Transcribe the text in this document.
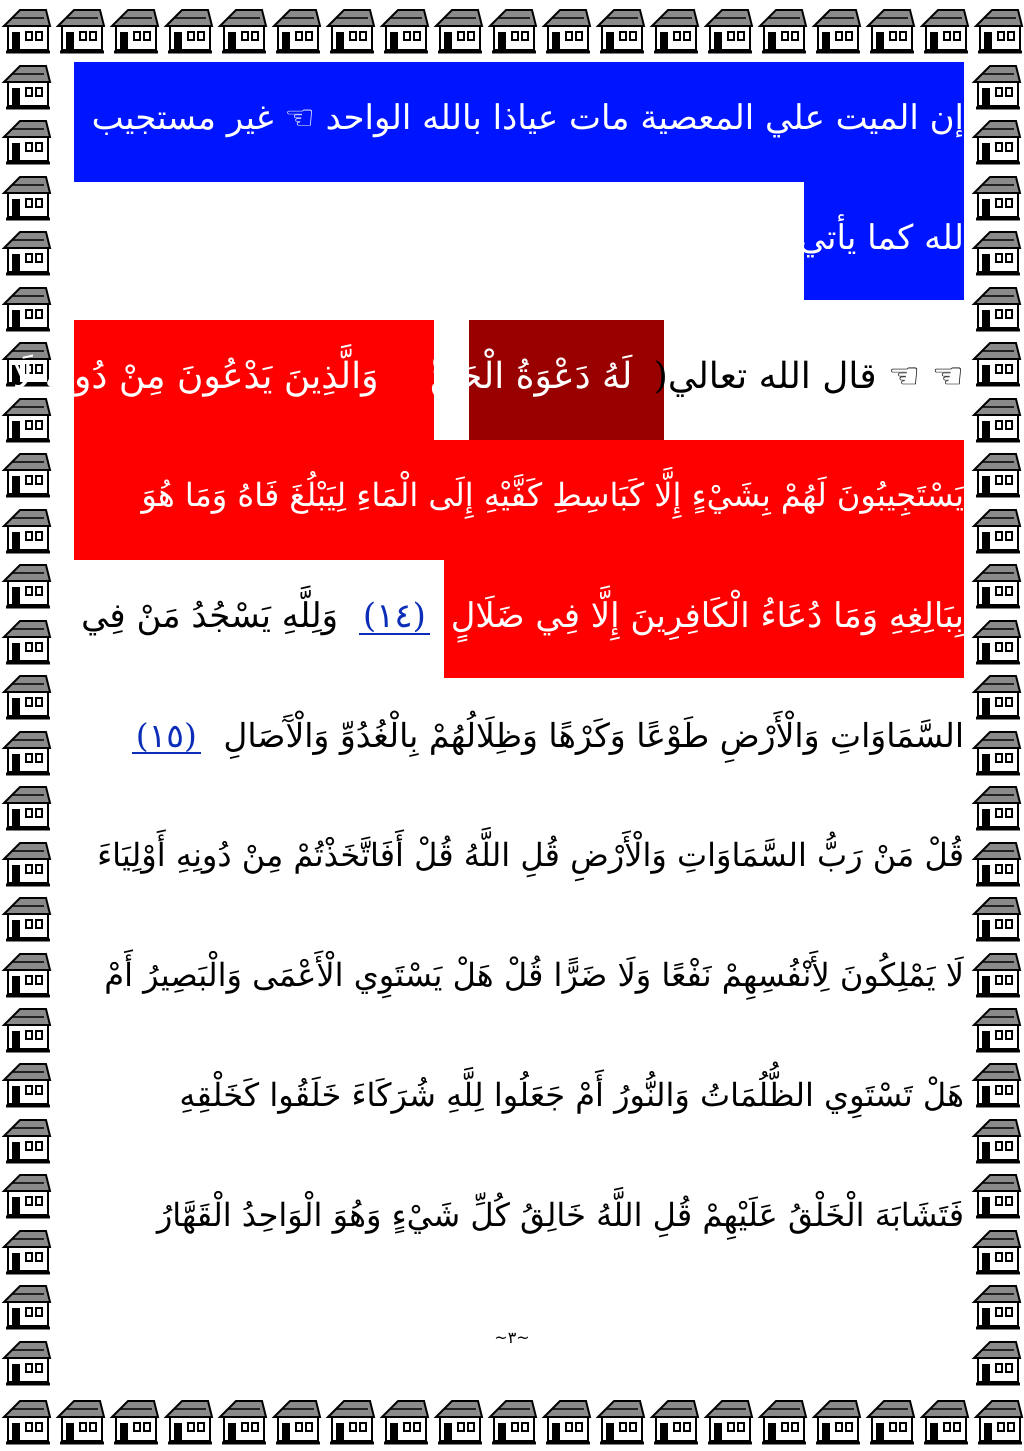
إن الميت علي المعصية مات عياذا بالله الواحد ☜ غير مستجيب
لله كما يأتي
☜ ☜ قال الله تعالي( لَهُ دَعْوَةُ الْحَقِّ وَالَّذِينَ يَدْعُونَ مِنْ دُونِهِ لَا
يَسْتَجِيبُونَ لَهُمْ بِشَيْءٍ إِلَّا كَبَاسِطِ كَفَّيْهِ إِلَى الْمَاءِ لِيَبْلُغَ فَاهُ وَمَا هُوَ
بِبَالِغِهِ وَمَا دُعَاءُ الْكَافِرِينَ إِلَّا فِي ضَلَالٍ (١٤) وَلِلَّهِ يَسْجُدُ مَنْ فِي
السَّمَاوَاتِ وَالْأَرْضِ طَوْعًا وَكَرْهًا وَظِلَالُهُمْ بِالْغُدُوِّ وَالْآَصَالِ (١٥)
قُلْ مَنْ رَبُّ السَّمَاوَاتِ وَالْأَرْضِ قُلِ اللَّهُ قُلْ أَفَاتَّخَذْتُمْ مِنْ دُونِهِ أَوْلِيَاءَ
لَا يَمْلِكُونَ لِأَنْفُسِهِمْ نَفْعًا وَلَا ضَرًّا قُلْ هَلْ يَسْتَوِي الْأَعْمَى وَالْبَصِيرُ أَمْ
هَلْ تَسْتَوِي الظُّلُمَاتُ وَالنُّورُ أَمْ جَعَلُوا لِلَّهِ شُرَكَاءَ خَلَقُوا كَخَلْقِهِ
فَتَشَابَهَ الْخَلْقُ عَلَيْهِمْ قُلِ اللَّهُ خَالِقُ كُلِّ شَيْءٍ وَهُوَ الْوَاحِدُ الْقَهَّارُ
~٣~
